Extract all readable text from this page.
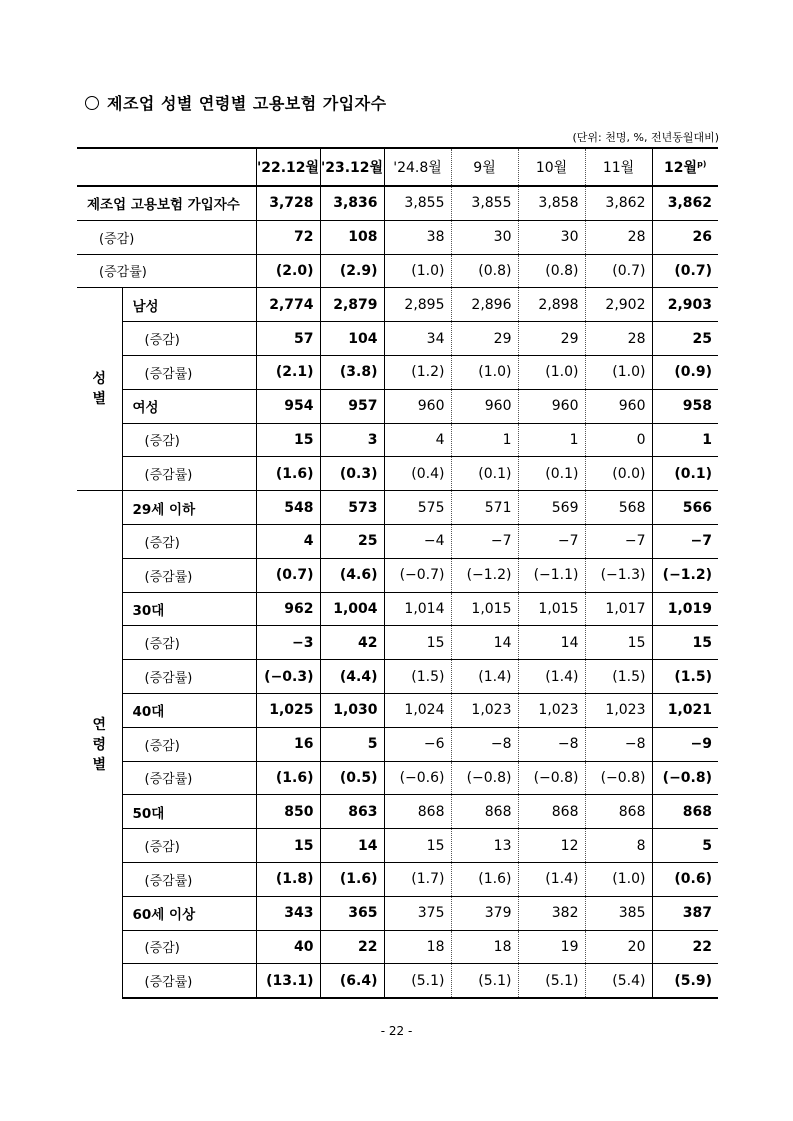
제조업 성별 연령별 고용보험 가입자수
(단위: 천명, %, 전년동월대비)
		'22.12월	'23.12월	'24.8월	9월	10월	11월	12월$^{p)}$
제조업 고용보험 가입자수		3,728	3,836	3,855	3,855	3,858	3,862	3,862
(증감)		72	108	38	30	30	28	26
(증감률)		(2.0)	(2.9)	(1.0)	(0.8)	(0.8)	(0.7)	(0.7)

성
별	남성	2,774	2,879	2,895	2,896	2,898	2,902	2,903
	(증감)	57	104	34	29	29	28	25
	(증감률)	(2.1)	(3.8)	(1.2)	(1.0)	(1.0)	(1.0)	(0.9)
	여성	954	957	960	960	960	960	958
	(증감)	15	3	4	1	1	0	1
	(증감률)	(1.6)	(0.3)	(0.4)	(0.1)	(0.1)	(0.0)	(0.1)

연
령
별	29세 이하	548	573	575	571	569	568	566
	(증감)	4	25	−4	−7	−7	−7	−7
	(증감률)	(0.7)	(4.6)	(−0.7)	(−1.2)	(−1.1)	(−1.3)	(−1.2)
	30대	962	1,004	1,014	1,015	1,015	1,017	1,019
	(증감)	−3	42	15	14	14	15	15
	(증감률)	(−0.3)	(4.4)	(1.5)	(1.4)	(1.4)	(1.5)	(1.5)
	40대	1,025	1,030	1,024	1,023	1,023	1,023	1,021
	(증감)	16	5	−6	−8	−8	−8	−9
	(증감률)	(1.6)	(0.5)	(−0.6)	(−0.8)	(−0.8)	(−0.8)	(−0.8)
	50대	850	863	868	868	868	868	868
	(증감)	15	14	15	13	12	8	5
	(증감률)	(1.8)	(1.6)	(1.7)	(1.6)	(1.4)	(1.0)	(0.6)
	60세 이상	343	365	375	379	382	385	387
	(증감)	40	22	18	18	19	20	22
	(증감률)	(13.1)	(6.4)	(5.1)	(5.1)	(5.1)	(5.4)	(5.9)
- 22 -
